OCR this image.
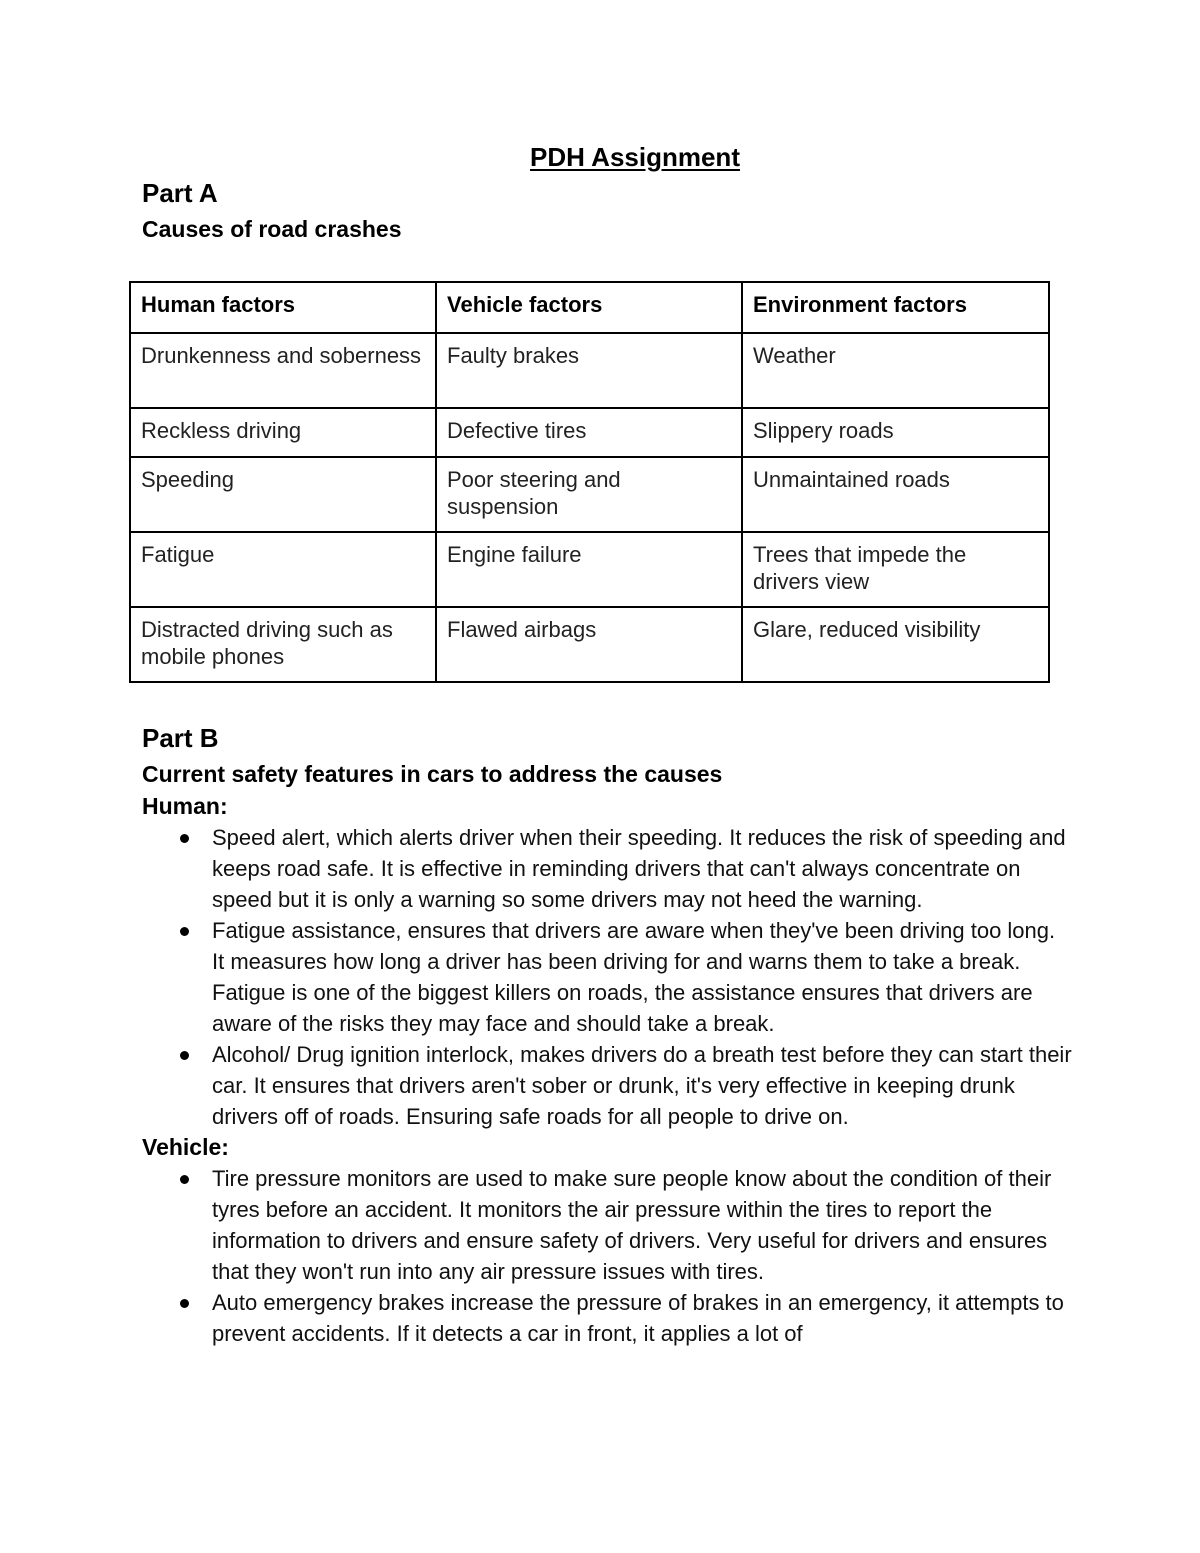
PDH Assignment
Part A
Causes of road crashes
Human factors	Vehicle factors	Environment factors
Drunkenness and soberness	Faulty brakes	Weather
Reckless driving	Defective tires	Slippery roads
Speeding	Poor steering and suspension	Unmaintained roads
Fatigue	Engine failure	Trees that impede the drivers view
Distracted driving such as mobile phones	Flawed airbags	Glare, reduced visibility
Part B
Current safety features in cars to address the causes

Human:

Speed alert, which alerts driver when their speeding. It reduces the risk of speeding and keeps road safe. It is effective in reminding drivers that can't always concentrate on speed but it is only a warning so some drivers may not heed the warning.
Fatigue assistance, ensures that drivers are aware when they've been driving too long. It measures how long a driver has been driving for and warns them to take a break. Fatigue is one of the biggest killers on roads, the assistance ensures that drivers are aware of the risks they may face and should take a break.
Alcohol/ Drug ignition interlock, makes drivers do a breath test before they can start their car. It ensures that drivers aren't sober or drunk, it's very effective in keeping drunk drivers off of roads. Ensuring safe roads for all people to drive on.

Vehicle:

Tire pressure monitors are used to make sure people know about the condition of their tyres before an accident. It monitors the air pressure within the tires to report the information to drivers and ensure safety of drivers. Very useful for drivers and ensures that they won't run into any air pressure issues with tires.
Auto emergency brakes increase the pressure of brakes in an emergency, it attempts to prevent accidents. If it detects a car in front, it applies a lot of
